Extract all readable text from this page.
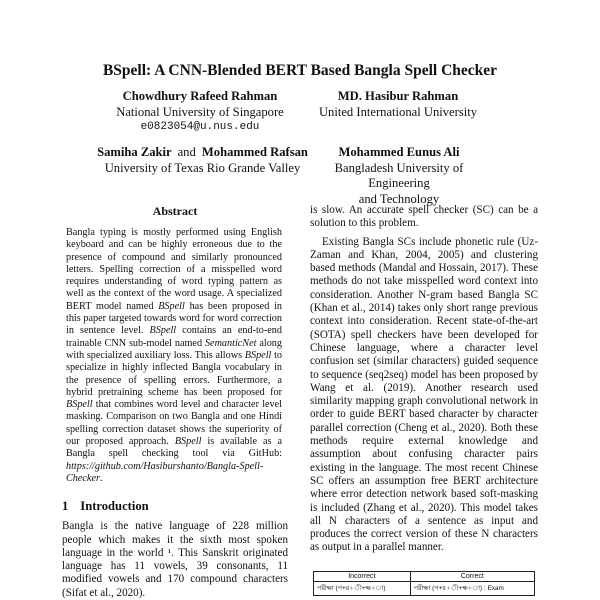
BSpell: A CNN-Blended BERT Based Bangla Spell Checker
Chowdhury Rafeed Rahman
National University of Singapore
e0823054@u.nus.edu
MD. Hasibur Rahman
United International University
Samiha Zakir and Mohammed Rafsan
University of Texas Rio Grande Valley
Mohammed Eunus Ali
Bangladesh University of Engineering
and Technology
Abstract

Bangla typing is mostly performed using English keyboard and can be highly erroneous due to the presence of compound and similarly pronounced letters. Spelling correction of a misspelled word requires understanding of word typing pattern as well as the context of the word usage. A specialized BERT model named BSpell has been proposed in this paper targeted towards word for word correction in sentence level. BSpell contains an end-to-end trainable CNN sub-model named SemanticNet along with specialized auxiliary loss. This allows BSpell to specialize in highly inflected Bangla vocabulary in the presence of spelling errors. Furthermore, a hybrid pretraining scheme has been proposed for BSpell that combines word level and character level masking. Comparison on two Bangla and one Hindi spelling correction dataset shows the superiority of our proposed approach. BSpell is available as a Bangla spell checking tool via GitHub: https://github.com/Hasiburshanto/Bangla-Spell-Checker.

1 Introduction

Bangla is the native language of 228 million people which makes it the sixth most spoken language in the world ¹. This Sanskrit originated language has 11 vowels, 39 consonants, 11 modified vowels and 170 compound characters (Sifat et al., 2020).

is slow. An accurate spell checker (SC) can be a solution to this problem.

Existing Bangla SCs include phonetic rule (Uz-Zaman and Khan, 2004, 2005) and clustering based methods (Mandal and Hossain, 2017). These methods do not take misspelled word context into consideration. Another N-gram based Bangla SC (Khan et al., 2014) takes only short range previous context into consideration. Recent state-of-the-art (SOTA) spell checkers have been developed for Chinese language, where a character level confusion set (similar characters) guided sequence to sequence (seq2seq) model has been proposed by Wang et al. (2019). Another research used similarity mapping graph convolutional network in order to guide BERT based character by character parallel correction (Cheng et al., 2020). Both these methods require external knowledge and assumption about confusing character pairs existing in the language. The most recent Chinese SC offers an assumption free BERT architecture where error detection network based soft-masking is included (Zhang et al., 2020). This model takes all N characters of a sentence as input and produces the correct version of these N characters as output in a parallel manner.

Incorrect	Correct
পরীক্ষা (প+র+ী+ক্ষ+া)	পরীক্ষা (প+র+ী+ক্ষ+া) : Exam
